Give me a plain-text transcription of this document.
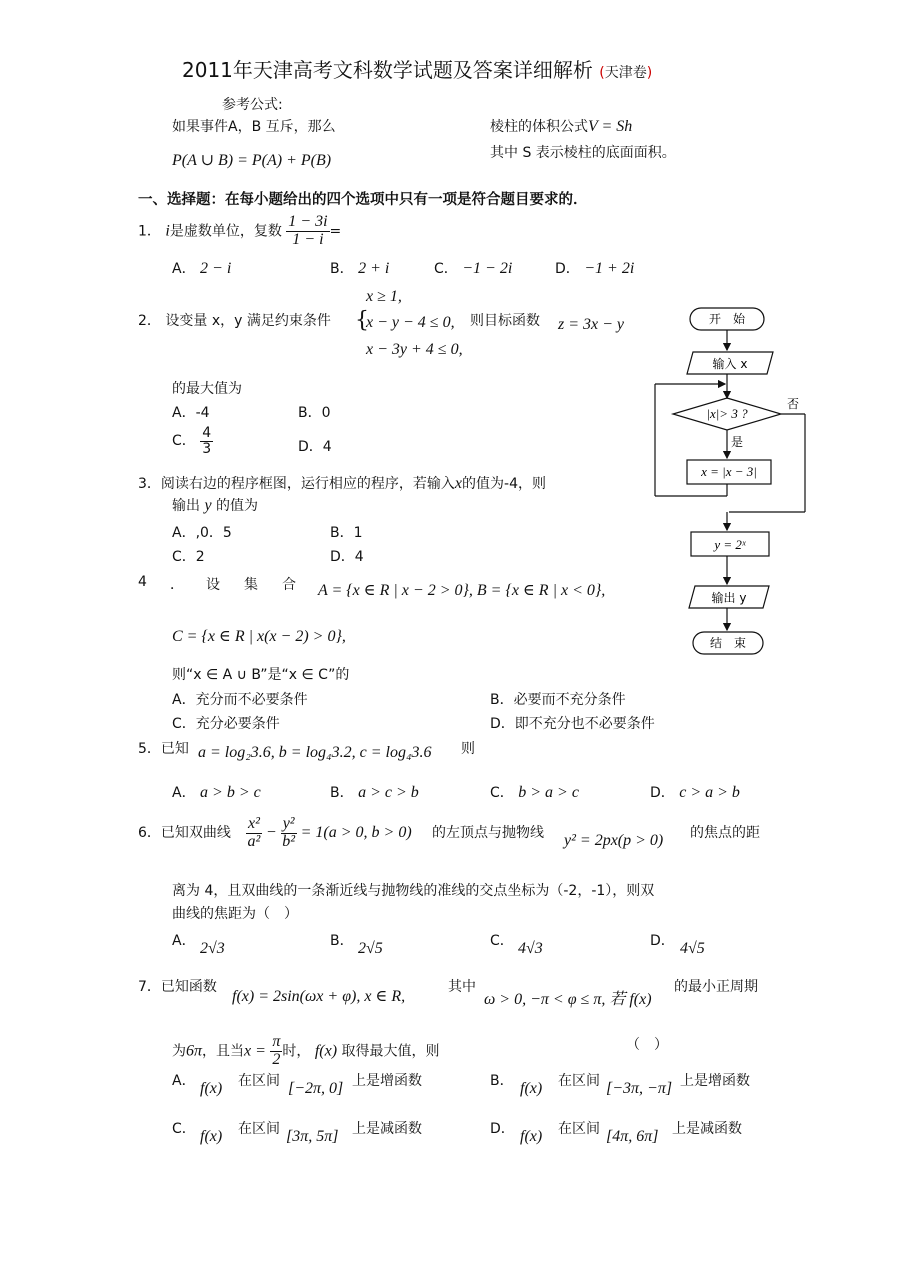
2011年天津高考文科数学试题及答案详细解析 (天津卷)
参考公式:
如果事件A，B 互斥，那么
P(A ∪ B) = P(A) + P(B)
棱柱的体积公式V = Sh
其中 S 表示棱柱的底面面积。
一、选择题：在每小题给出的四个选项中只有一项是符合题目要求的．
1． i是虚数单位，复数 $\frac{1 - 3i}{1 - i}$ =
A． 2 − i	B． 2 + i	C． −1 − 2i	D． −1 + 2i
2． 设变量 x，y 满足约束条件 {
x ≥ 1,
x − y − 4 ≤ 0,
x − 3y + 4 ≤ 0,
则目标函数 z = 3x − y
的最大值为
A．-4	B．0
C． $\frac{4}{3}$	D．4
3．阅读右边的程序框图，运行相应的程序，若输入x的值为-4，则
输出 y 的值为
A．,0．5	B．1
C．2	D．4
开　始
输入 x
|x|> 3 ?
否
是
x = |x − 3|
y = 2ˣ
输出 y
结　束
4 ． 设 集 合 A = {x ∈ R | x − 2 > 0}, B = {x ∈ R | x < 0},
C = {x ∈ R | x(x − 2) > 0},
则“x ∈ A ∪ B”是“x ∈ C”的
A．充分而不必要条件	B．必要而不充分条件
C．充分必要条件	D．即不充分也不必要条件
5．已知 a = log₂3.6, b = log₄3.2, c = log₄3.6 则
A． a > b > c	B． a > c > b	C． b > a > c	D． c > a > b
6．已知双曲线 $\frac{\text{x²}}{\text{a²}} - \frac{\text{y²}}{\text{b²}} = 1(a > 0$, b > 0) 的左顶点与抛物线 y² = 2px(p > 0) 的焦点的距
离为 4，且双曲线的一条渐近线与抛物线的准线的交点坐标为（-2，-1），则双
曲线的焦距为（　）
A． 2√3	B． 2√5	C． 4√3	D． 4√5
7．已知函数
f(x) = 2sin(ωx + φ), x ∈ R,
其中
ω > 0, −π < φ ≤ π, 若 f(x)
的最小正周期
为6π，且当$x = \frac{\pi}{2}$ 时， f(x) 取得最大值，则	（　）
A． f(x) 在区间 [−2π, 0] 上是增函数	B． f(x) 在区间 [−3π, −π] 上是增函数
C． f(x) 在区间 [3π, 5π] 上是减函数	D． f(x) 在区间 [4π, 6π] 上是减函数
